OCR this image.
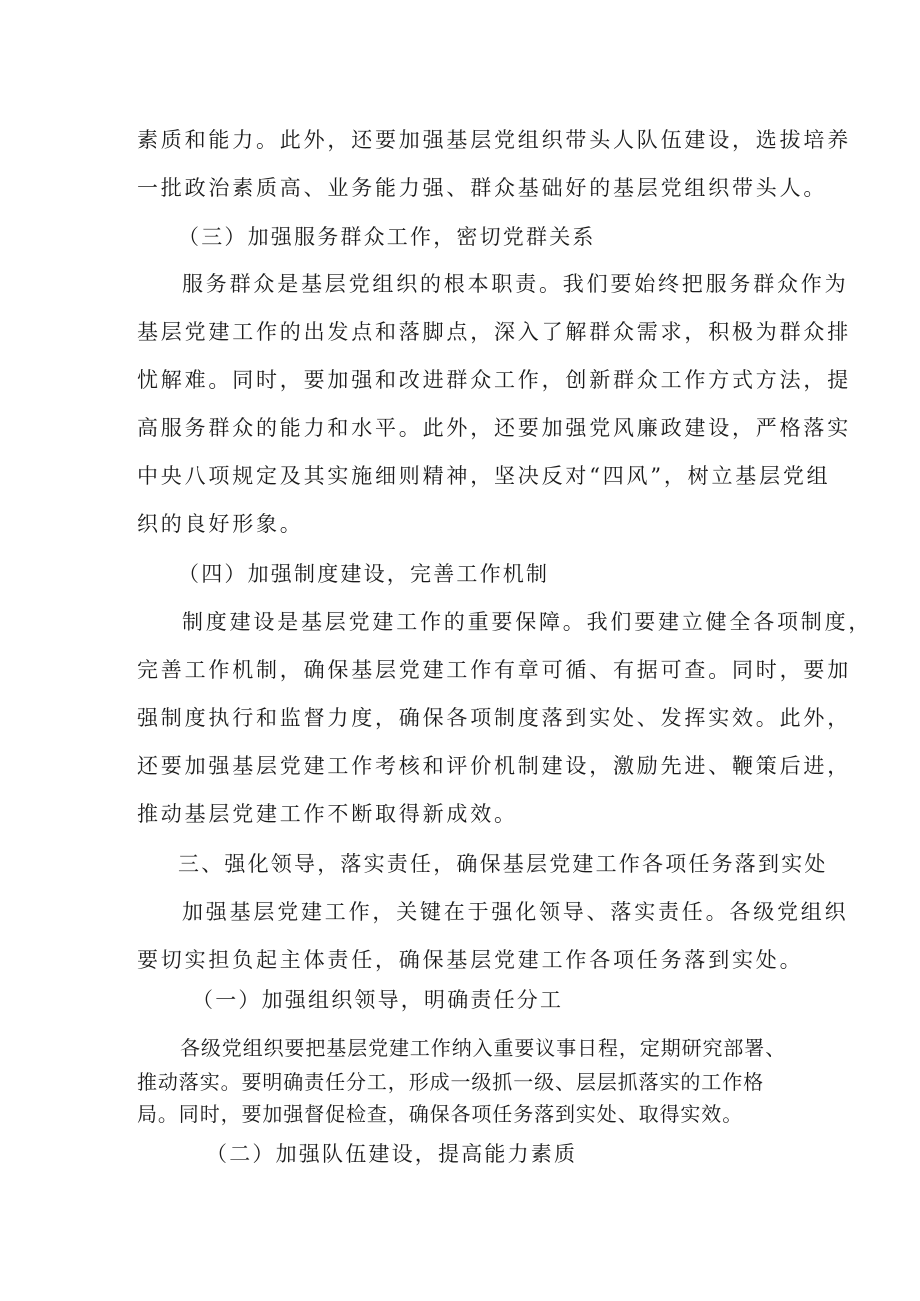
素质和能力。此外，还要加强基层党组织带头人队伍建设，选拔培养
一批政治素质高、业务能力强、群众基础好的基层党组织带头人。
（三）加强服务群众工作，密切党群关系
服务群众是基层党组织的根本职责。我们要始终把服务群众作为
基层党建工作的出发点和落脚点，深入了解群众需求，积极为群众排
忧解难。同时，要加强和改进群众工作，创新群众工作方式方法，提
高服务群众的能力和水平。此外，还要加强党风廉政建设，严格落实
中央八项规定及其实施细则精神，坚决反对“四风”，树立基层党组
织的良好形象。
（四）加强制度建设，完善工作机制
制度建设是基层党建工作的重要保障。我们要建立健全各项制度，
完善工作机制，确保基层党建工作有章可循、有据可查。同时，要加
强制度执行和监督力度，确保各项制度落到实处、发挥实效。此外，
还要加强基层党建工作考核和评价机制建设，激励先进、鞭策后进，
推动基层党建工作不断取得新成效。
三、强化领导，落实责任，确保基层党建工作各项任务落到实处
加强基层党建工作，关键在于强化领导、落实责任。各级党组织
要切实担负起主体责任，确保基层党建工作各项任务落到实处。
（一）加强组织领导，明确责任分工
各级党组织要把基层党建工作纳入重要议事日程，定期研究部署、
推动落实。要明确责任分工，形成一级抓一级、层层抓落实的工作格
局。同时，要加强督促检查，确保各项任务落到实处、取得实效。
（二）加强队伍建设，提高能力素质
